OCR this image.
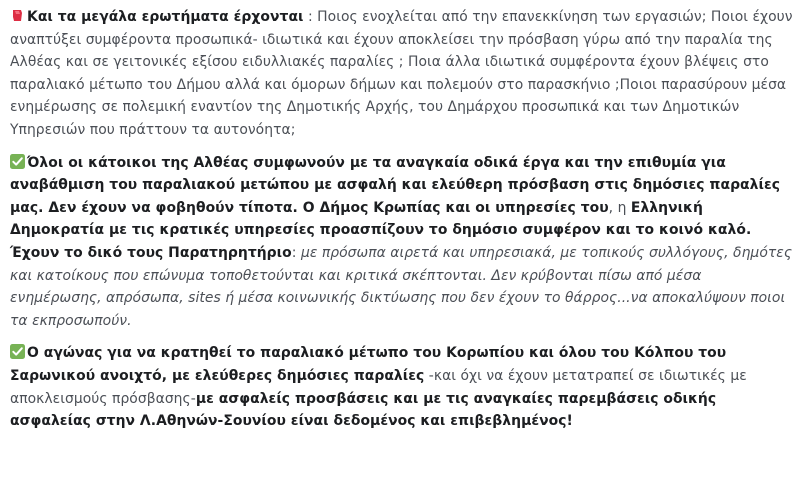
Και τα μεγάλα ερωτήματα έρχονται : Ποιος ενοχλείται από την επανεκκίνηση των εργασιών; Ποιοι έχουν αναπτύξει συμφέροντα προσωπικά- ιδιωτικά και έχουν αποκλείσει την πρόσβαση γύρω από την παραλία της Αλθέας και σε γειτονικές εξίσου ειδυλλιακές παραλίες ; Ποια άλλα ιδιωτικά συμφέροντα έχουν βλέψεις στο παραλιακό μέτωπο του Δήμου αλλά και όμορων δήμων και πολεμούν στο παρασκήνιο ;Ποιοι παρασύρουν μέσα ενημέρωσης σε πολεμική εναντίον της Δημοτικής Αρχής, του Δημάρχου προσωπικά και των Δημοτικών Υπηρεσιών που πράττουν τα αυτονόητα;

Όλοι οι κάτοικοι της Αλθέας συμφωνούν με τα αναγκαία οδικά έργα και την επιθυμία για αναβάθμιση του παραλιακού μετώπου με ασφαλή και ελεύθερη πρόσβαση στις δημόσιες παραλίες μας. Δεν έχουν να φοβηθούν τίποτα. Ο Δήμος Κρωπίας και οι υπηρεσίες του, η Ελληνική Δημοκρατία με τις κρατικές υπηρεσίες προασπίζουν το δημόσιο συμφέρον και το κοινό καλό. Έχουν το δικό τους Παρατηρητήριο: με πρόσωπα αιρετά και υπηρεσιακά, με τοπικούς συλλόγους, δημότες και κατοίκους που επώνυμα τοποθετούνται και κριτικά σκέπτονται. Δεν κρύβονται πίσω από μέσα ενημέρωσης, απρόσωπα, sites ή μέσα κοινωνικής δικτύωσης που δεν έχουν το θάρρος...να αποκαλύψουν ποιοι τα εκπροσωπούν.

Ο αγώνας για να κρατηθεί το παραλιακό μέτωπο του Κορωπίου και όλου του Κόλπου του Σαρωνικού ανοιχτό, με ελεύθερες δημόσιες παραλίες -και όχι να έχουν μετατραπεί σε ιδιωτικές με αποκλεισμούς πρόσβασης-με ασφαλείς προσβάσεις και με τις αναγκαίες παρεμβάσεις οδικής ασφαλείας στην Λ.Αθηνών-Σουνίου είναι δεδομένος και επιβεβλημένος!
